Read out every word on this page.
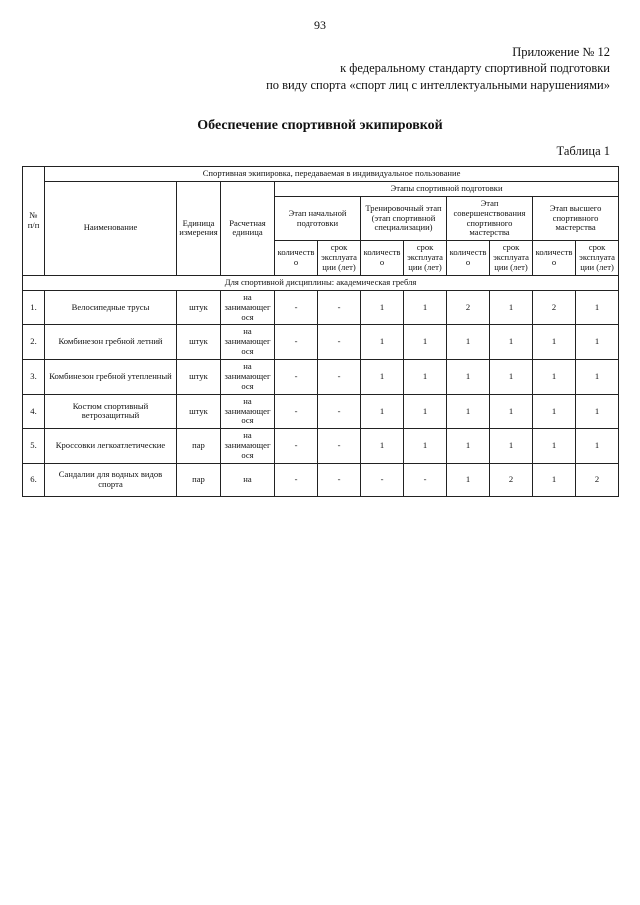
93
Приложение № 12
к федеральному стандарту спортивной подготовки
по виду спорта «спорт лиц с интеллектуальными нарушениями»
Обеспечение спортивной экипировкой
Таблица 1
№ п/п	Спортивная экипировка, передаваемая в индивидуальное пользование										
	Наименование	Единица измерения	Расчетная единица	Этапы спортивной подготовки							
				Этап начальной подготовки		Тренировочный этап (этап спортивной специализации)		Этап совершенствования спортивного мастерства		Этап высшего спортивного мастерства	
				количество	срок эксплуатации (лет)	количество	срок эксплуатации (лет)	количество	срок эксплуатации (лет)	количество	срок эксплуатации (лет)
Для спортивной дисциплины: академическая гребля											
1.	Велосипедные трусы	штук	на занимающегося	-	-	1	1	2	1	2	1
2.	Комбинезон гребной летний	штук	на занимающегося	-	-	1	1	1	1	1	1
3.	Комбинезон гребной утепленный	штук	на занимающегося	-	-	1	1	1	1	1	1
4.	Костюм спортивный ветрозащитный	штук	на занимающегося	-	-	1	1	1	1	1	1
5.	Кроссовки легкоатлетические	пар	на занимающегося	-	-	1	1	1	1	1	1
6.	Сандалии для водных видов спорта	пар	на	-	-	-	-	1	2	1	2
